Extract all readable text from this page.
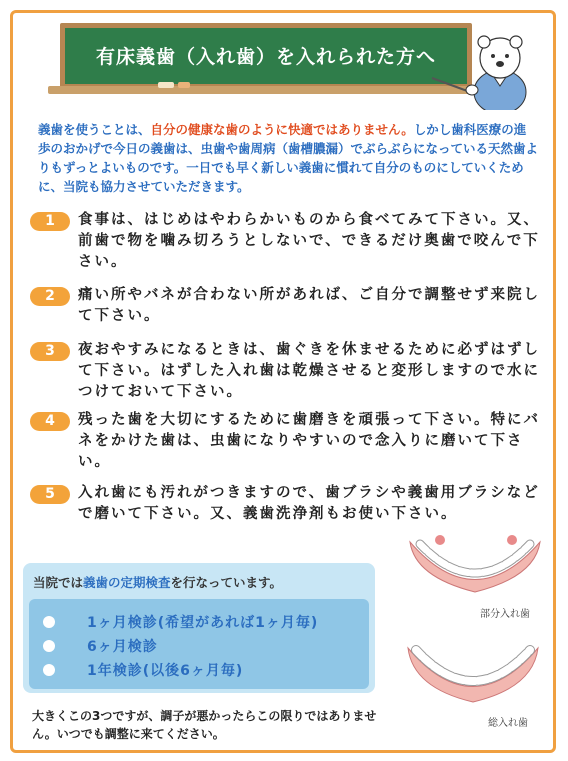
有床義歯（入れ歯）を入れられた方へ
義歯を使うことは、自分の健康な歯のように快適ではありません。しかし歯科医療の進歩のおかげで今日の義歯は、虫歯や歯周病（歯槽膿漏）でぶらぶらになっている天然歯よりもずっとよいものです。一日でも早く新しい義歯に慣れて自分のものにしていくために、当院も協力させていただきます。
1	食事は、はじめはやわらかいものから食べてみて下さい。又、前歯で物を噛み切ろうとしないで、できるだけ奥歯で咬んで下さい。
2	痛い所やバネが合わない所があれば、ご自分で調整せず来院して下さい。
3	夜おやすみになるときは、歯ぐきを休ませるために必ずはずして下さい。はずした入れ歯は乾燥させると変形しますので水につけておいて下さい。
4	残った歯を大切にするために歯磨きを頑張って下さい。特にバネをかけた歯は、虫歯になりやすいので念入りに磨いて下さい。
5	入れ歯にも汚れがつきますので、歯ブラシや義歯用ブラシなどで磨いて下さい。又、義歯洗浄剤もお使い下さい。
当院では義歯の定期検査を行なっています。
1ヶ月検診(希望があれば1ヶ月毎)
6ヶ月検診
1年検診(以後6ヶ月毎)
大きくこの3つですが、調子が悪かったらこの限りではありません。いつでも調整に来てください。
部分入れ歯
総入れ歯
